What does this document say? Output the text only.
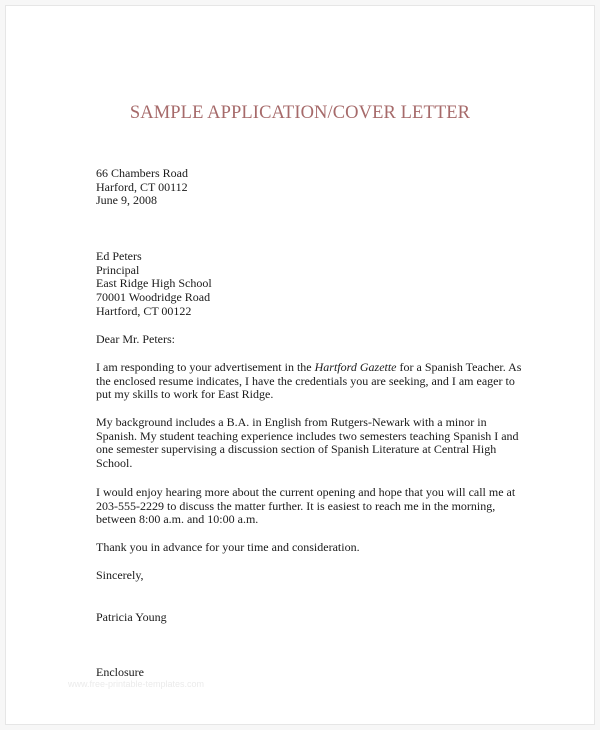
SAMPLE APPLICATION/COVER LETTER
66 Chambers Road
Harford, CT 00112
June 9, 2008
Ed Peters
Principal
East Ridge High School
70001 Woodridge Road
Hartford, CT 00122
Dear Mr. Peters:
I am responding to your advertisement in the Hartford Gazette for a Spanish Teacher. As
the enclosed resume indicates, I have the credentials you are seeking, and I am eager to
put my skills to work for East Ridge.
My background includes a B.A. in English from Rutgers-Newark with a minor in
Spanish. My student teaching experience includes two semesters teaching Spanish I and
one semester supervising a discussion section of Spanish Literature at Central High
School.
I would enjoy hearing more about the current opening and hope that you will call me at
203-555-2229 to discuss the matter further. It is easiest to reach me in the morning,
between 8:00 a.m. and 10:00 a.m.
Thank you in advance for your time and consideration.
Sincerely,
Patricia Young
Enclosure
www.free-printable-templates.com
